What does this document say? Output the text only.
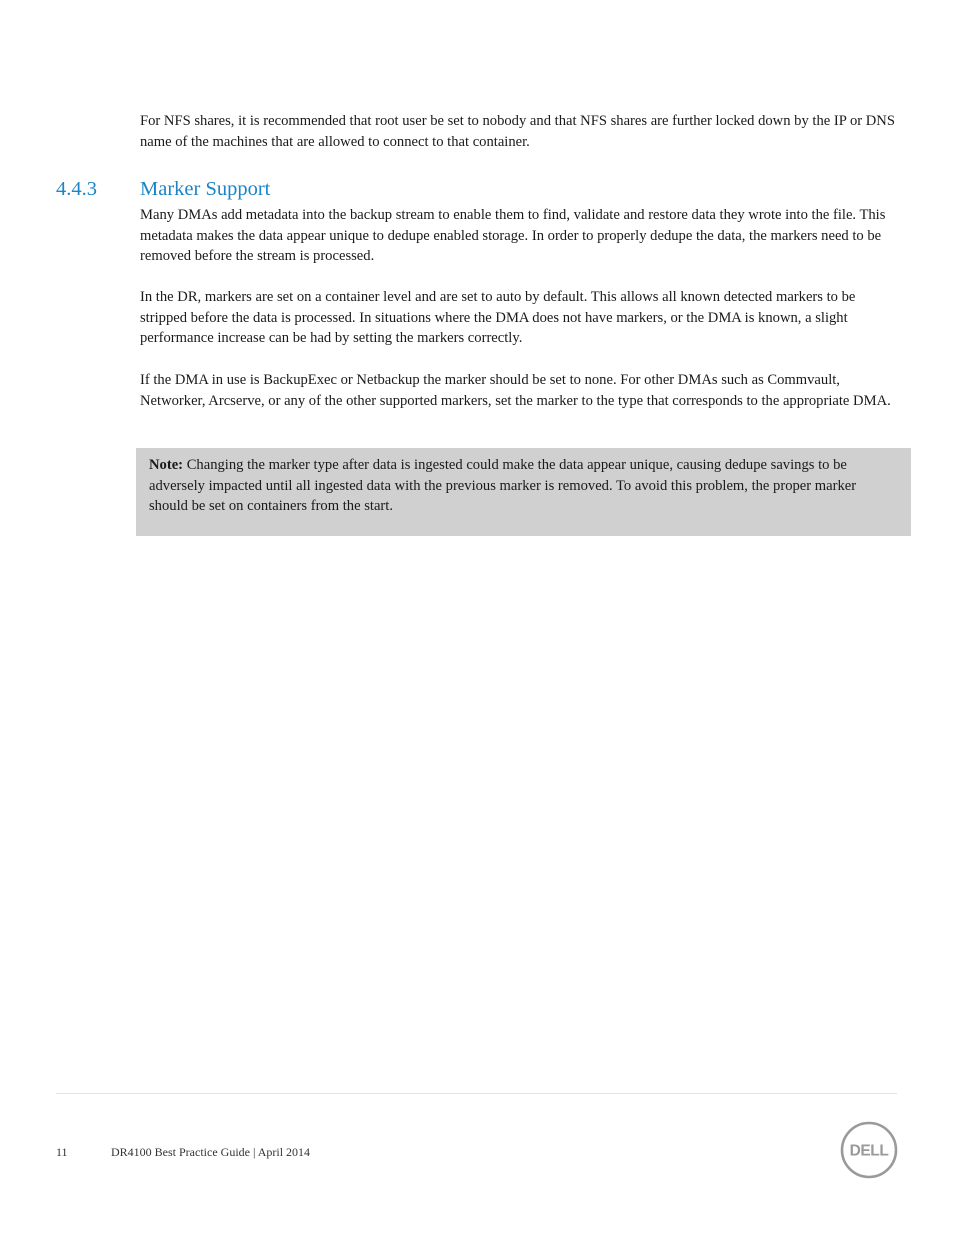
For NFS shares, it is recommended that root user be set to nobody and that NFS shares are further locked down by the IP or DNS name of the machines that are allowed to connect to that container.

4.4.3 Marker Support

Many DMAs add metadata into the backup stream to enable them to find, validate and restore data they wrote into the file. This metadata makes the data appear unique to dedupe enabled storage. In order to properly dedupe the data, the markers need to be removed before the stream is processed.

In the DR, markers are set on a container level and are set to auto by default. This allows all known detected markers to be stripped before the data is processed. In situations where the DMA does not have markers, or the DMA is known, a slight performance increase can be had by setting the markers correctly.

If the DMA in use is BackupExec or Netbackup the marker should be set to none. For other DMAs such as Commvault, Networker, Arcserve, or any of the other supported markers, set the marker to the type that corresponds to the appropriate DMA.

Note: Changing the marker type after data is ingested could make the data appear unique, causing dedupe savings to be adversely impacted until all ingested data with the previous marker is removed. To avoid this problem, the proper marker should be set on containers from the start.
11	DR4100 Best Practice Guide | April 2014	DELL
